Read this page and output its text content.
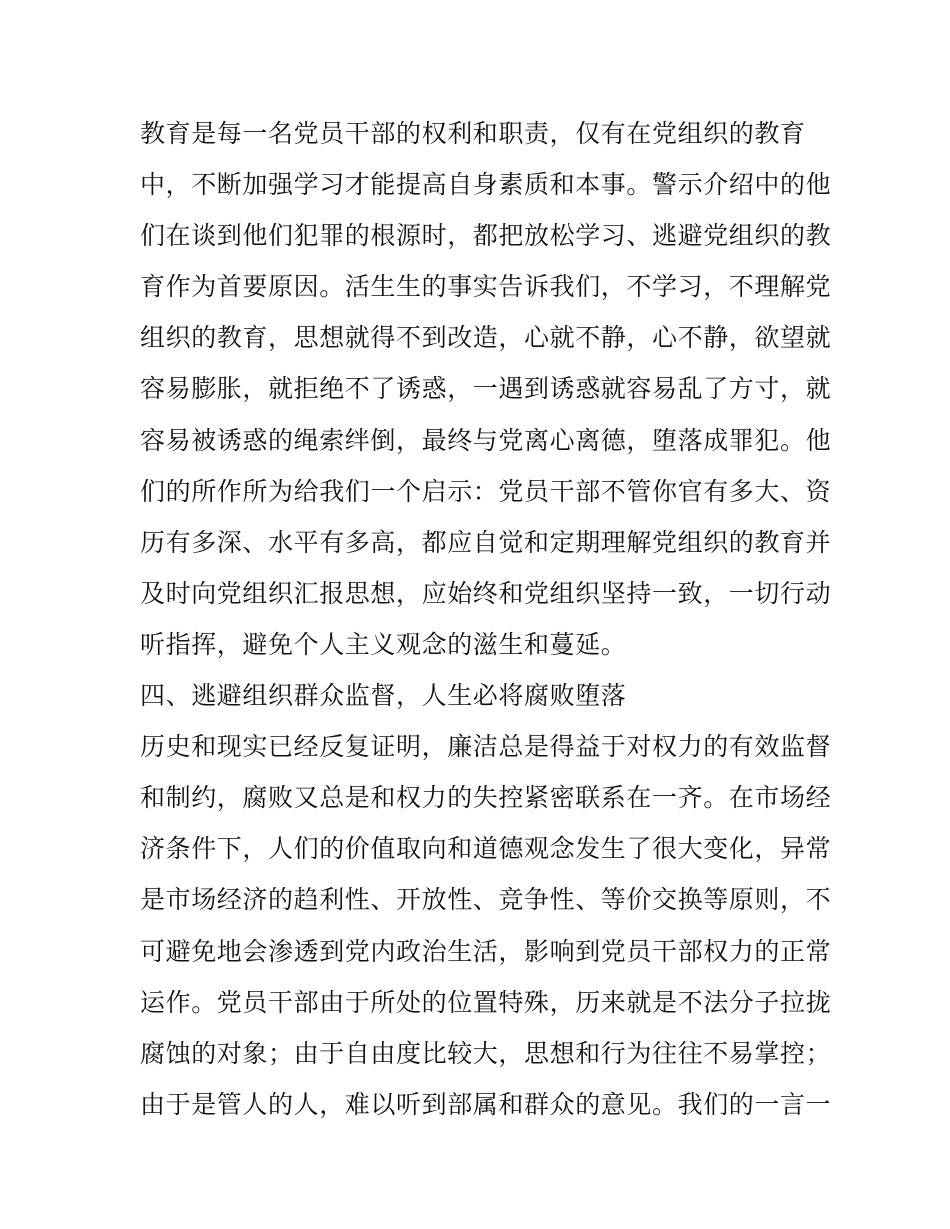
教育是每一名党员干部的权利和职责，仅有在党组织的教育
中，不断加强学习才能提高自身素质和本事。警示介绍中的他
们在谈到他们犯罪的根源时，都把放松学习、逃避党组织的教
育作为首要原因。活生生的事实告诉我们，不学习，不理解党
组织的教育，思想就得不到改造，心就不静，心不静，欲望就
容易膨胀，就拒绝不了诱惑，一遇到诱惑就容易乱了方寸，就
容易被诱惑的绳索绊倒，最终与党离心离德，堕落成罪犯。他
们的所作所为给我们一个启示：党员干部不管你官有多大、资
历有多深、水平有多高，都应自觉和定期理解党组织的教育并
及时向党组织汇报思想，应始终和党组织坚持一致，一切行动
听指挥，避免个人主义观念的滋生和蔓延。
四、逃避组织群众监督，人生必将腐败堕落
历史和现实已经反复证明，廉洁总是得益于对权力的有效监督
和制约，腐败又总是和权力的失控紧密联系在一齐。在市场经
济条件下，人们的价值取向和道德观念发生了很大变化，异常
是市场经济的趋利性、开放性、竞争性、等价交换等原则，不
可避免地会渗透到党内政治生活，影响到党员干部权力的正常
运作。党员干部由于所处的位置特殊，历来就是不法分子拉拢
腐蚀的对象；由于自由度比较大，思想和行为往往不易掌控；
由于是管人的人，难以听到部属和群众的意见。我们的一言一
